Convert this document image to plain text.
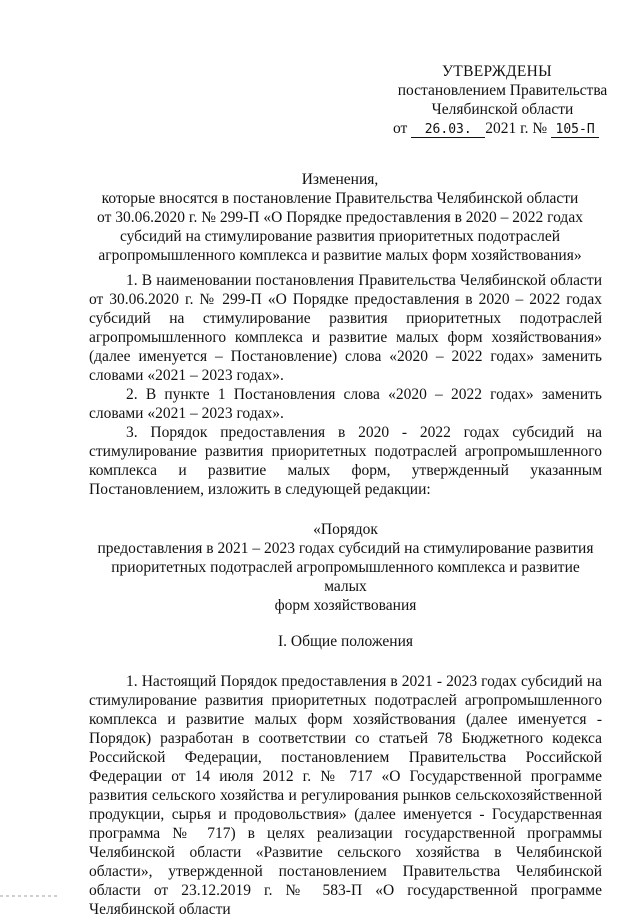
УТВЕРЖДЕНЫ
постановлением Правительства
Челябинской области
от 26.03. 2021 г. № 105-П

Изменения,

которые вносятся в постановление Правительства Челябинской области

от 30.06.2020 г. № 299-П «О Порядке предоставления в 2020 – 2022 годах

субсидий на стимулирование развития приоритетных подотраслей

агропромышленного комплекса и развитие малых форм хозяйствования»

1. В наименовании постановления Правительства Челябинской области от 30.06.2020 г. № 299-П «О Порядке предоставления в 2020 – 2022 годах субсидий на стимулирование развития приоритетных подотраслей агропромышленного комплекса и развитие малых форм хозяйствования» (далее именуется – Постановление) слова «2020 – 2022 годах» заменить словами «2021 – 2023 годах».

2. В пункте 1 Постановления слова «2020 – 2022 годах» заменить словами «2021 – 2023 годах».

3. Порядок предоставления в 2020 - 2022 годах субсидий на стимулирование развития приоритетных подотраслей агропромышленного комплекса и развитие малых форм, утвержденный указанным Постановлением, изложить в следующей редакции:

«Порядок

предоставления в 2021 – 2023 годах субсидий на стимулирование развития

приоритетных подотраслей агропромышленного комплекса и развитие малых

форм хозяйствования

I. Общие положения

1. Настоящий Порядок предоставления в 2021 - 2023 годах субсидий на стимулирование развития приоритетных подотраслей агропромышленного комплекса и развитие малых форм хозяйствования (далее именуется - Порядок) разработан в соответствии со статьей 78 Бюджетного кодекса Российской Федерации, постановлением Правительства Российской Федерации от 14 июля 2012 г. № 717 «О Государственной программе развития сельского хозяйства и регулирования рынков сельскохозяйственной продукции, сырья и продовольствия» (далее именуется - Государственная программа № 717) в целях реализации государственной программы Челябинской области «Развитие сельского хозяйства в Челябинской области», утвержденной постановлением Правительства Челябинской области от 23.12.2019 г. № 583-П «О государственной программе Челябинской области
